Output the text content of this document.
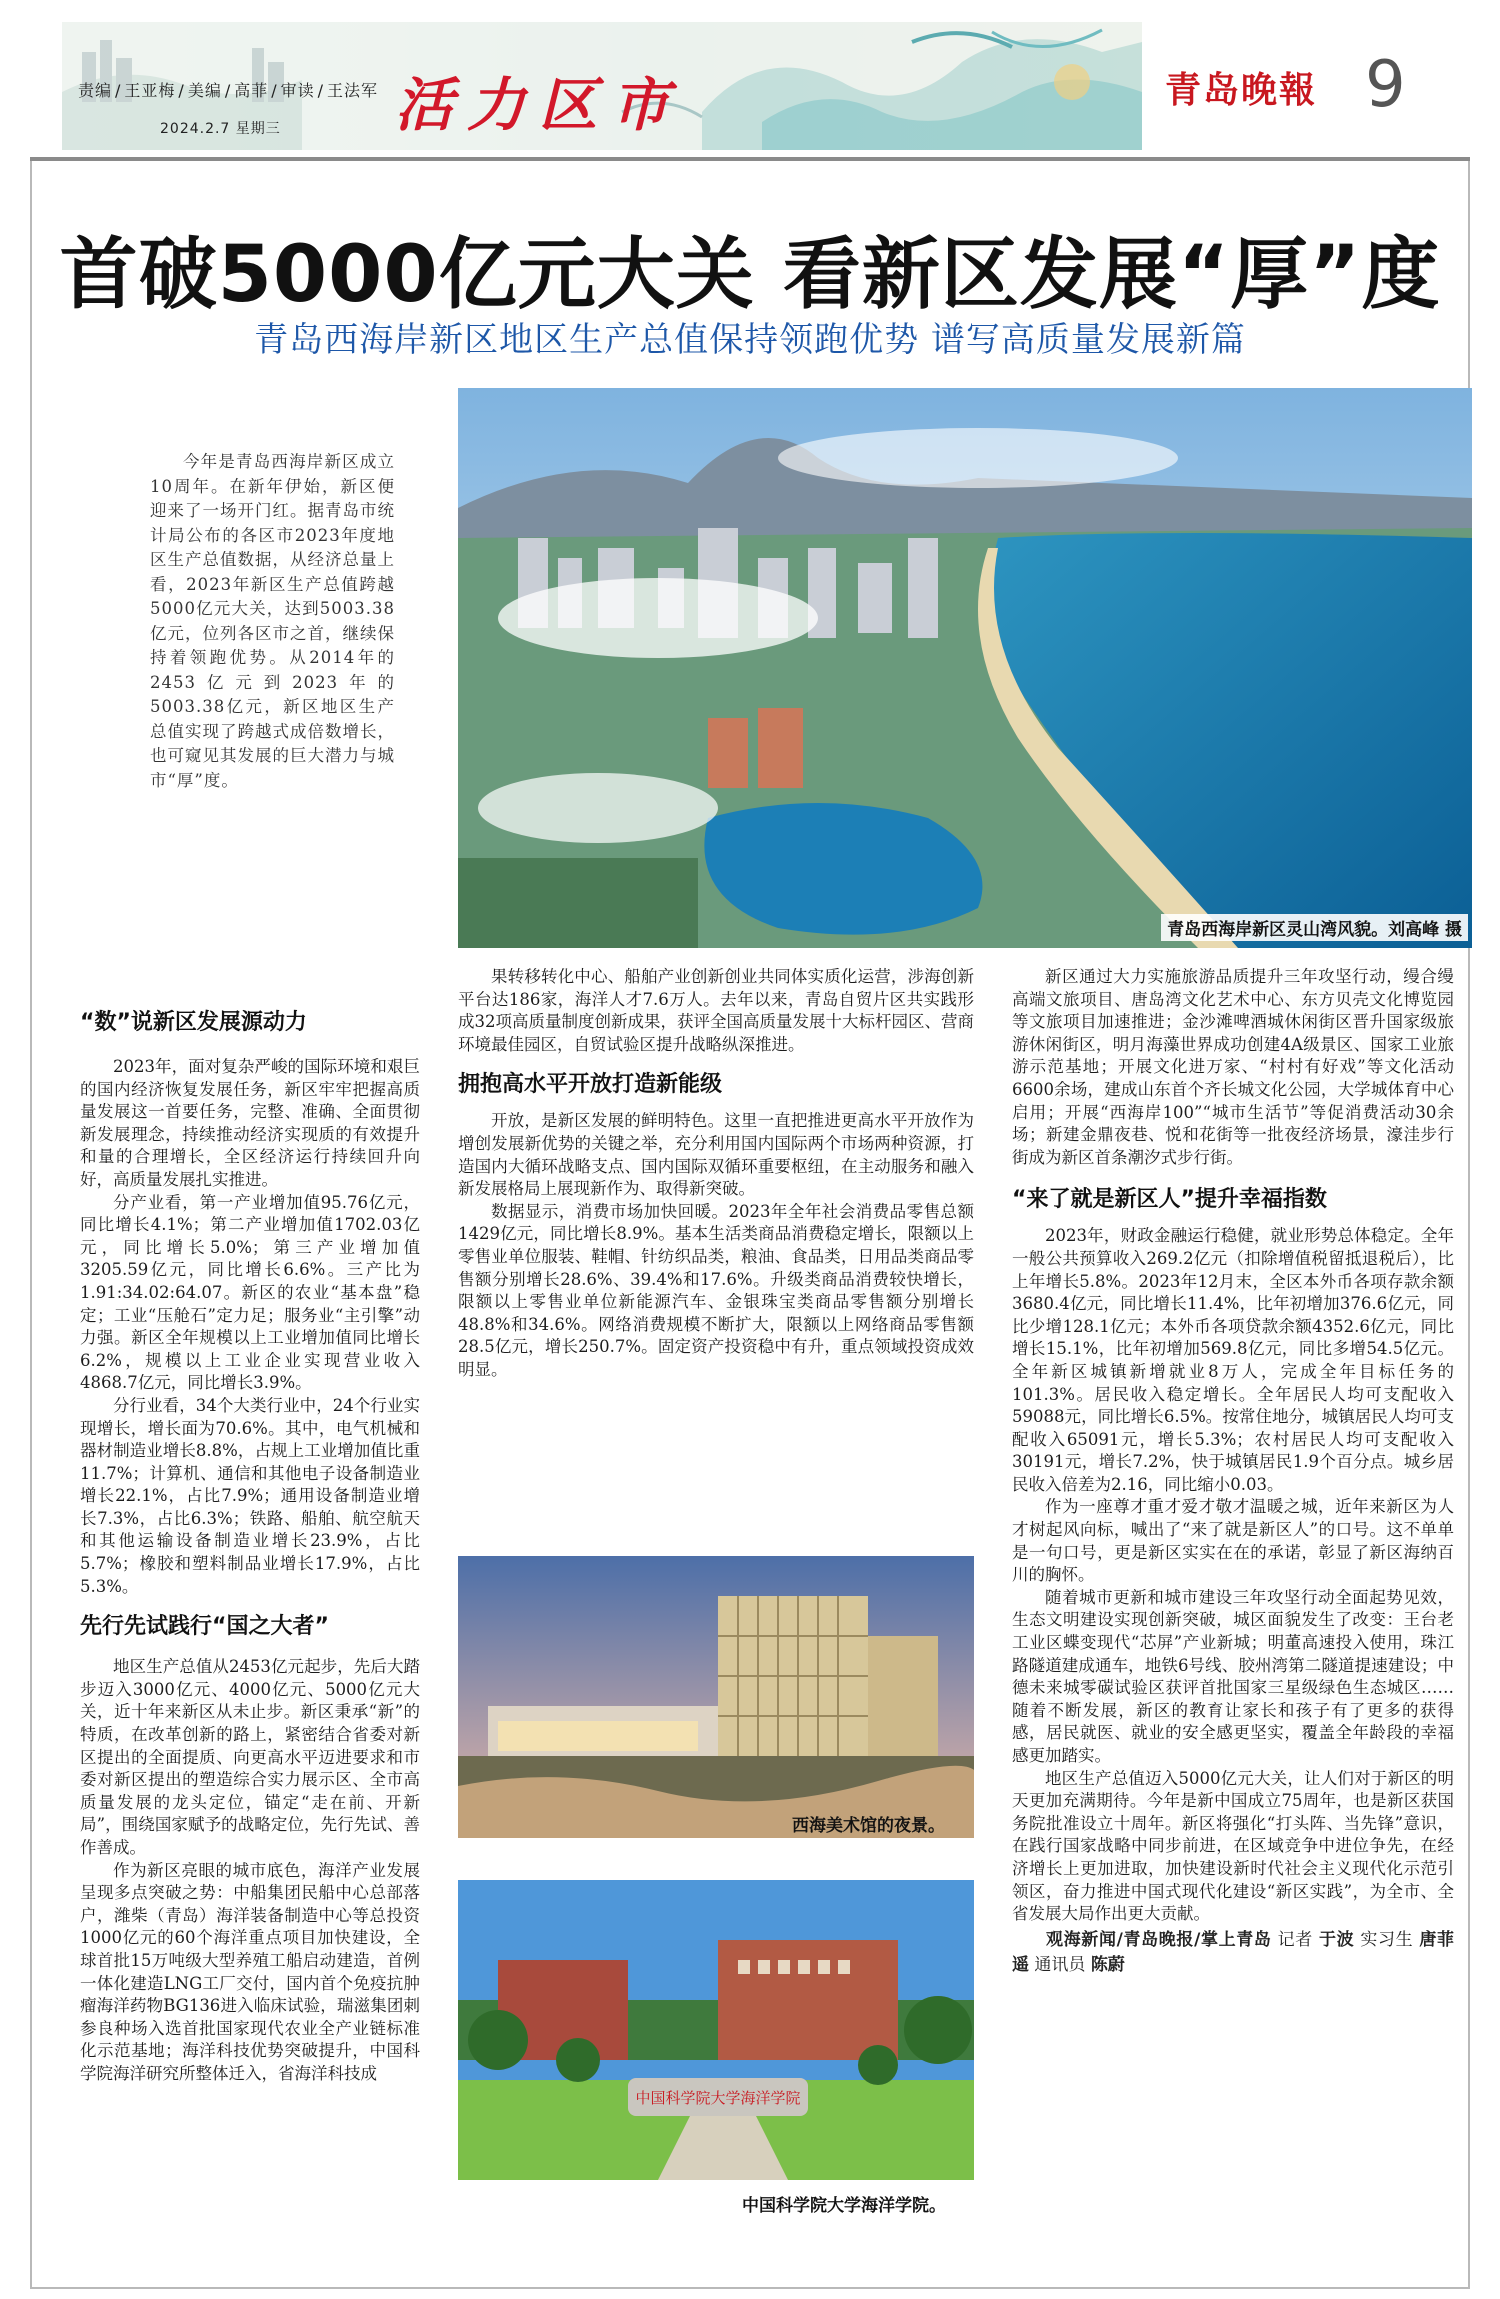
责编 / 王亚梅 / 美编 / 高菲 / 审读 / 王法军
2024.2.7 星期三 活力区市	青岛晚報 9
首破5000亿元大关 看新区发展“厚”度
青岛西海岸新区地区生产总值保持领跑优势 谱写高质量发展新篇
今年是青岛西海岸新区成立10周年。在新年伊始，新区便迎来了一场开门红。据青岛市统计局公布的各区市2023年度地区生产总值数据，从经济总量上看，2023年新区生产总值跨越5000亿元大关，达到5003.38亿元，位列各区市之首，继续保持着领跑优势。从2014年的2453亿元到2023年的5003.38亿元，新区地区生产总值实现了跨越式成倍数增长，也可窥见其发展的巨大潜力与城市“厚”度。
青岛西海岸新区灵山湾风貌。刘高峰 摄
“数”说新区发展源动力

2023年，面对复杂严峻的国际环境和艰巨的国内经济恢复发展任务，新区牢牢把握高质量发展这一首要任务，完整、准确、全面贯彻新发展理念，持续推动经济实现质的有效提升和量的合理增长，全区经济运行持续回升向好，高质量发展扎实推进。

分产业看，第一产业增加值95.76亿元，同比增长4.1%；第二产业增加值1702.03亿元，同比增长5.0%；第三产业增加值3205.59亿元，同比增长6.6%。三产比为1.91:34.02:64.07。新区的农业“基本盘”稳定；工业“压舱石”定力足；服务业“主引擎”动力强。新区全年规模以上工业增加值同比增长6.2%，规模以上工业企业实现营业收入4868.7亿元，同比增长3.9%。

分行业看，34个大类行业中，24个行业实现增长，增长面为70.6%。其中，电气机械和器材制造业增长8.8%，占规上工业增加值比重11.7%；计算机、通信和其他电子设备制造业增长22.1%，占比7.9%；通用设备制造业增长7.3%，占比6.3%；铁路、船舶、航空航天和其他运输设备制造业增长23.9%，占比5.7%；橡胶和塑料制品业增长17.9%，占比5.3%。

先行先试践行“国之大者”

地区生产总值从2453亿元起步，先后大踏步迈入3000亿元、4000亿元、5000亿元大关，近十年来新区从未止步。新区秉承“新”的特质，在改革创新的路上，紧密结合省委对新区提出的全面提质、向更高水平迈进要求和市委对新区提出的塑造综合实力展示区、全市高质量发展的龙头定位，锚定“走在前、开新局”，围绕国家赋予的战略定位，先行先试、善作善成。

作为新区亮眼的城市底色，海洋产业发展呈现多点突破之势：中船集团民船中心总部落户，潍柴（青岛）海洋装备制造中心等总投资1000亿元的60个海洋重点项目加快建设，全球首批15万吨级大型养殖工船启动建造，首例一体化建造LNG工厂交付，国内首个免疫抗肿瘤海洋药物BG136进入临床试验，瑞滋集团刺参良种场入选首批国家现代农业全产业链标准化示范基地；海洋科技优势突破提升，中国科学院海洋研究所整体迁入，省海洋科技成

果转移转化中心、船舶产业创新创业共同体实质化运营，涉海创新平台达186家，海洋人才7.6万人。去年以来，青岛自贸片区共实践形成32项高质量制度创新成果，获评全国高质量发展十大标杆园区、营商环境最佳园区，自贸试验区提升战略纵深推进。

拥抱高水平开放打造新能级

开放，是新区发展的鲜明特色。这里一直把推进更高水平开放作为增创发展新优势的关键之举，充分利用国内国际两个市场两种资源，打造国内大循环战略支点、国内国际双循环重要枢纽，在主动服务和融入新发展格局上展现新作为、取得新突破。

数据显示，消费市场加快回暖。2023年全年社会消费品零售总额1429亿元，同比增长8.9%。基本生活类商品消费稳定增长，限额以上零售业单位服装、鞋帽、针纺织品类，粮油、食品类，日用品类商品零售额分别增长28.6%、39.4%和17.6%。升级类商品消费较快增长，限额以上零售业单位新能源汽车、金银珠宝类商品零售额分别增长48.8%和34.6%。网络消费规模不断扩大，限额以上网络商品零售额28.5亿元，增长250.7%。固定资产投资稳中有升，重点领域投资成效明显。

西海美术馆的夜景。
中国科学院大学海洋学院
中国科学院大学海洋学院。

新区通过大力实施旅游品质提升三年攻坚行动，缦合缦高端文旅项目、唐岛湾文化艺术中心、东方贝壳文化博览园等文旅项目加速推进；金沙滩啤酒城休闲街区晋升国家级旅游休闲街区，明月海藻世界成功创建4A级景区、国家工业旅游示范基地；开展文化进万家、“村村有好戏”等文化活动6600余场，建成山东首个齐长城文化公园，大学城体育中心启用；开展“西海岸100”“城市生活节”等促消费活动30余场；新建金鼎夜巷、悦和花街等一批夜经济场景，濠洼步行街成为新区首条潮汐式步行街。

“来了就是新区人”提升幸福指数

2023年，财政金融运行稳健，就业形势总体稳定。全年一般公共预算收入269.2亿元（扣除增值税留抵退税后），比上年增长5.8%。2023年12月末，全区本外币各项存款余额3680.4亿元，同比增长11.4%，比年初增加376.6亿元，同比少增128.1亿元；本外币各项贷款余额4352.6亿元，同比增长15.1%，比年初增加569.8亿元，同比多增54.5亿元。全年新区城镇新增就业8万人，完成全年目标任务的101.3%。居民收入稳定增长。全年居民人均可支配收入59088元，同比增长6.5%。按常住地分，城镇居民人均可支配收入65091元，增长5.3%；农村居民人均可支配收入30191元，增长7.2%，快于城镇居民1.9个百分点。城乡居民收入倍差为2.16，同比缩小0.03。

作为一座尊才重才爱才敬才温暖之城，近年来新区为人才树起风向标，喊出了“来了就是新区人”的口号。这不单单是一句口号，更是新区实实在在的承诺，彰显了新区海纳百川的胸怀。

随着城市更新和城市建设三年攻坚行动全面起势见效，生态文明建设实现创新突破，城区面貌发生了改变：王台老工业区蝶变现代“芯屏”产业新城；明董高速投入使用，珠江路隧道建成通车，地铁6号线、胶州湾第二隧道提速建设；中德未来城零碳试验区获评首批国家三星级绿色生态城区……随着不断发展，新区的教育让家长和孩子有了更多的获得感，居民就医、就业的安全感更坚实，覆盖全年龄段的幸福感更加踏实。

地区生产总值迈入5000亿元大关，让人们对于新区的明天更加充满期待。今年是新中国成立75周年，也是新区获国务院批准设立十周年。新区将强化“打头阵、当先锋”意识，在践行国家战略中同步前进，在区域竞争中进位争先，在经济增长上更加进取，加快建设新时代社会主义现代化示范引领区，奋力推进中国式现代化建设“新区实践”，为全市、全省发展大局作出更大贡献。

观海新闻/青岛晚报/掌上青岛 记者 于波 实习生 唐菲遥 通讯员 陈蔚
